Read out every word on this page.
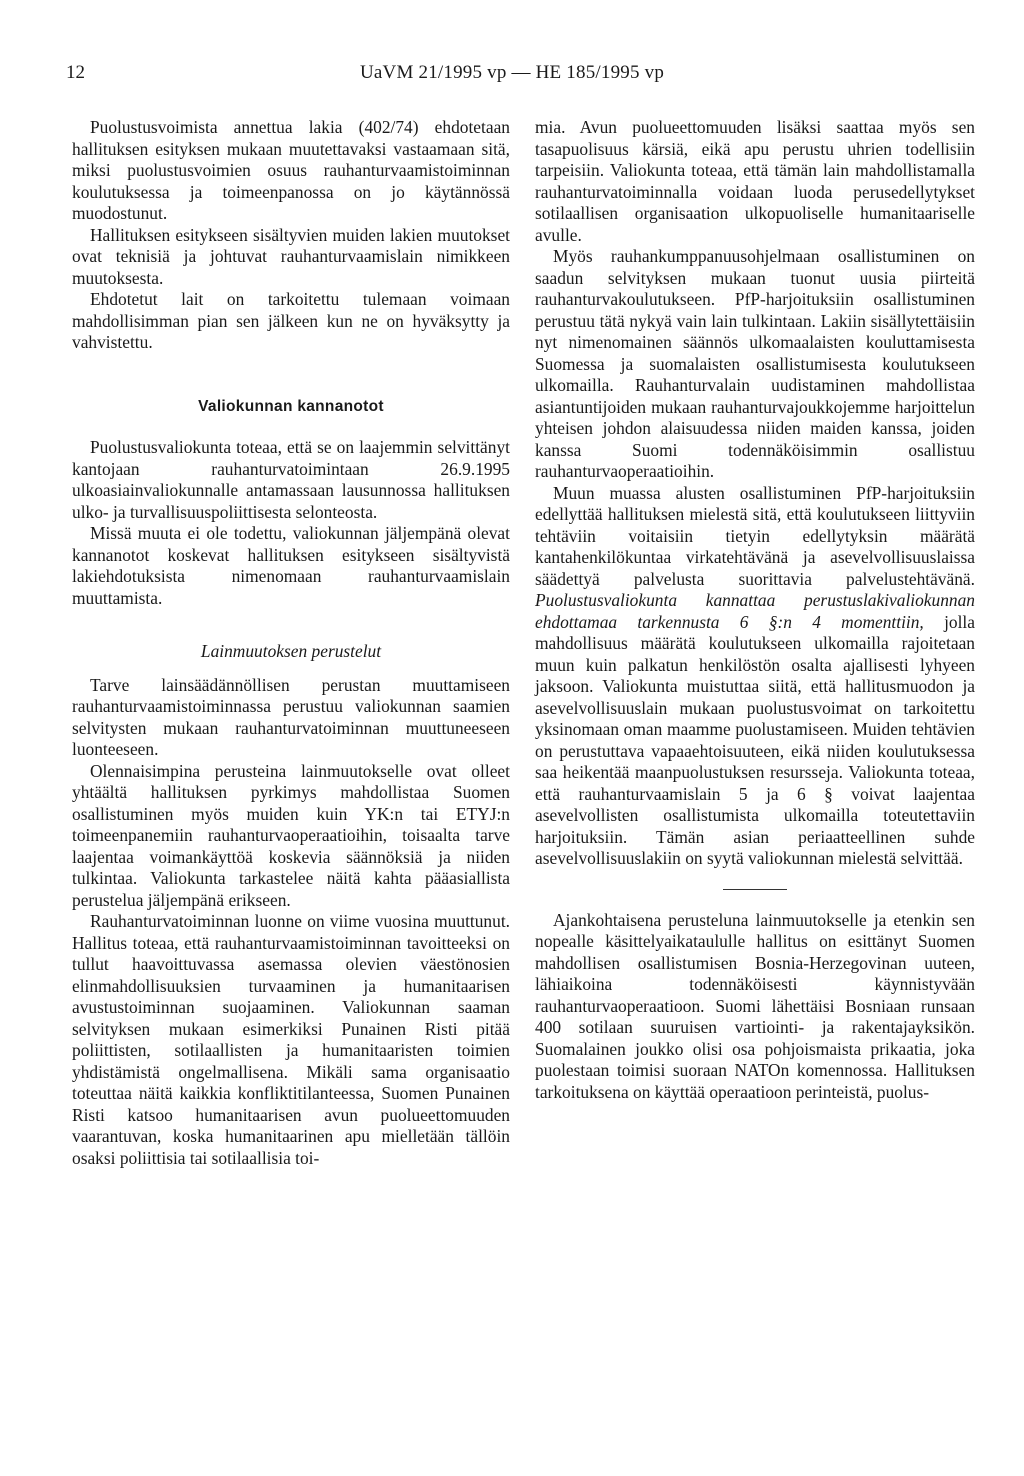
12	UaVM 21/1995 vp — HE 185/1995 vp

Puolustusvoimista annettua lakia (402/74) ehdotetaan hallituksen esityksen mukaan muutettavaksi vastaamaan sitä, miksi puolustusvoimien osuus rauhanturvaamistoiminnan koulutuksessa ja toimeenpanossa on jo käytännössä muodostunut.

Hallituksen esitykseen sisältyvien muiden lakien muutokset ovat teknisiä ja johtuvat rauhanturvaamislain nimikkeen muutoksesta.

Ehdotetut lait on tarkoitettu tulemaan voimaan mahdollisimman pian sen jälkeen kun ne on hyväksytty ja vahvistettu.

Valiokunnan kannanotot

Puolustusvaliokunta toteaa, että se on laajemmin selvittänyt kantojaan rauhanturvatoimintaan 26.9.1995 ulkoasiainvaliokunnalle antamassaan lausunnossa hallituksen ulko- ja turvallisuuspoliittisesta selonteosta.

Missä muuta ei ole todettu, valiokunnan jäljempänä olevat kannanotot koskevat hallituksen esitykseen sisältyvistä lakiehdotuksista nimenomaan rauhanturvaamislain muuttamista.

Lainmuutoksen perustelut

Tarve lainsäädännöllisen perustan muuttamiseen rauhanturvaamistoiminnassa perustuu valiokunnan saamien selvitysten mukaan rauhanturvatoiminnan muuttuneeseen luonteeseen.

Olennaisimpina perusteina lainmuutokselle ovat olleet yhtäältä hallituksen pyrkimys mahdollistaa Suomen osallistuminen myös muiden kuin YK:n tai ETYJ:n toimeenpanemiin rauhanturvaoperaatioihin, toisaalta tarve laajentaa voimankäyttöä koskevia säännöksiä ja niiden tulkintaa. Valiokunta tarkastelee näitä kahta pääasiallista perustelua jäljempänä erikseen.

Rauhanturvatoiminnan luonne on viime vuosina muuttunut. Hallitus toteaa, että rauhanturvaamistoiminnan tavoitteeksi on tullut haavoittuvassa asemassa olevien väestönosien elinmahdollisuuksien turvaaminen ja humanitaarisen avustustoiminnan suojaaminen. Valiokunnan saaman selvityksen mukaan esimerkiksi Punainen Risti pitää poliittisten, sotilaallisten ja humanitaaristen toimien yhdistämistä ongelmallisena. Mikäli sama organisaatio toteuttaa näitä kaikkia konfliktitilanteessa, Suomen Punainen Risti katsoo humanitaarisen avun puolueettomuuden vaarantuvan, koska humanitaarinen apu mielletään tällöin osaksi poliittisia tai sotilaallisia toi-

mia. Avun puolueettomuuden lisäksi saattaa myös sen tasapuolisuus kärsiä, eikä apu perustu uhrien todellisiin tarpeisiin. Valiokunta toteaa, että tämän lain mahdollistamalla rauhanturvatoiminnalla voidaan luoda perusedellytykset sotilaallisen organisaation ulkopuoliselle humanitaariselle avulle.

Myös rauhankumppanuusohjelmaan osallistuminen on saadun selvityksen mukaan tuonut uusia piirteitä rauhanturvakoulutukseen. PfP-harjoituksiin osallistuminen perustuu tätä nykyä vain lain tulkintaan. Lakiin sisällytettäisiin nyt nimenomainen säännös ulkomaalaisten kouluttamisesta Suomessa ja suomalaisten osallistumisesta koulutukseen ulkomailla. Rauhanturvalain uudistaminen mahdollistaa asiantuntijoiden mukaan rauhanturvajoukkojemme harjoittelun yhteisen johdon alaisuudessa niiden maiden kanssa, joiden kanssa Suomi todennäköisimmin osallistuu rauhanturvaoperaatioihin.

Muun muassa alusten osallistuminen PfP-harjoituksiin edellyttää hallituksen mielestä sitä, että koulutukseen liittyviin tehtäviin voitaisiin tietyin edellytyksin määrätä kantahenkilökuntaa virkatehtävänä ja asevelvollisuuslaissa säädettyä palvelusta suorittavia palvelustehtävänä. Puolustusvaliokunta kannattaa perustuslakivaliokunnan ehdottamaa tarkennusta 6 §:n 4 momenttiin, jolla mahdollisuus määrätä koulutukseen ulkomailla rajoitetaan muun kuin palkatun henkilöstön osalta ajallisesti lyhyeen jaksoon. Valiokunta muistuttaa siitä, että hallitusmuodon ja asevelvollisuuslain mukaan puolustusvoimat on tarkoitettu yksinomaan oman maamme puolustamiseen. Muiden tehtävien on perustuttava vapaaehtoisuuteen, eikä niiden koulutuksessa saa heikentää maanpuolustuksen resursseja. Valiokunta toteaa, että rauhanturvaamislain 5 ja 6 § voivat laajentaa asevelvollisten osallistumista ulkomailla toteutettaviin harjoituksiin. Tämän asian periaatteellinen suhde asevelvollisuuslakiin on syytä valiokunnan mielestä selvittää.

Ajankohtaisena perusteluna lainmuutokselle ja etenkin sen nopealle käsittelyaikataululle hallitus on esittänyt Suomen mahdollisen osallistumisen Bosnia-Herzegovinan uuteen, lähiaikoina todennäköisesti käynnistyvään rauhanturvaoperaatioon. Suomi lähettäisi Bosniaan runsaan 400 sotilaan suuruisen vartiointi- ja rakentajayksikön. Suomalainen joukko olisi osa pohjoismaista prikaatia, joka puolestaan toimisi suoraan NATOn komennossa. Hallituksen tarkoituksena on käyttää operaatioon perinteistä, puolus-
